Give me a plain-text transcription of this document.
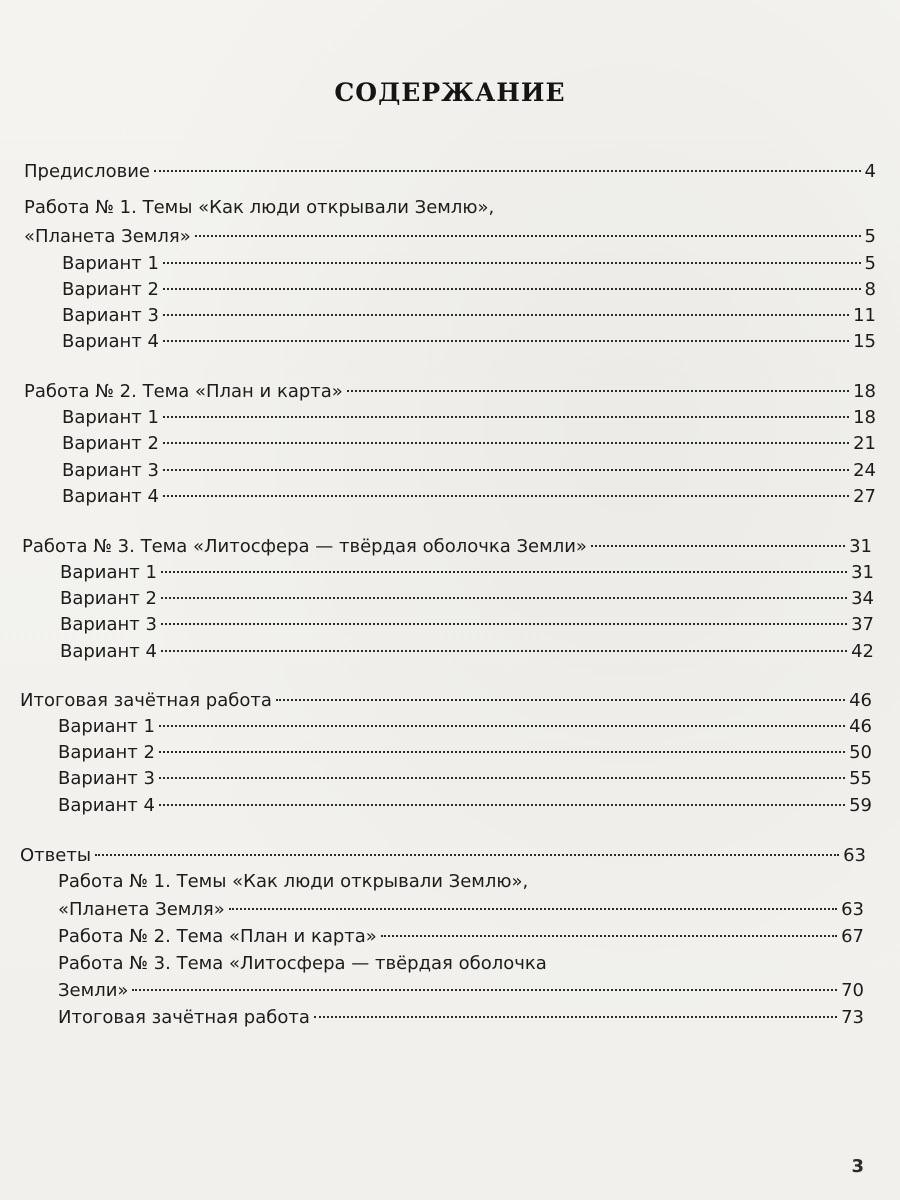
СОДЕРЖАНИЕ
Предисловие	4
Работа № 1. Темы «Как люди открывали Землю»,
«Планета Земля»	5
Вариант 1	5
Вариант 2	8
Вариант 3	11
Вариант 4	15
Работа № 2. Тема «План и карта»	18
Вариант 1	18
Вариант 2	21
Вариант 3	24
Вариант 4	27
Работа № 3. Тема «Литосфера — твёрдая оболочка Земли»	31
Вариант 1	31
Вариант 2	34
Вариант 3	37
Вариант 4	42
Итоговая зачётная работа	46
Вариант 1	46
Вариант 2	50
Вариант 3	55
Вариант 4	59
Ответы	63
Работа № 1. Темы «Как люди открывали Землю»,
«Планета Земля»	63
Работа № 2. Тема «План и карта»	67
Работа № 3. Тема «Литосфера — твёрдая оболочка
Земли»	70
Итоговая зачётная работа	73
3
